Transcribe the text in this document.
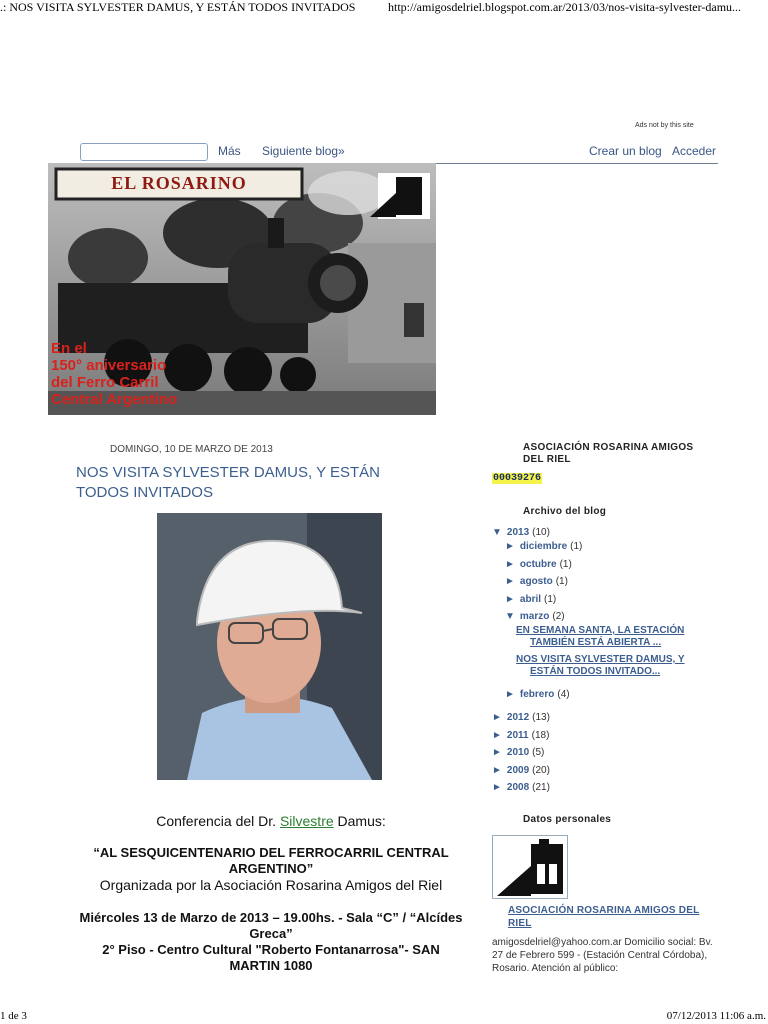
.: NOS VISITA SYLVESTER DAMUS, Y ESTÁN TODOS INVITADOS	http://amigosdelriel.blogspot.com.ar/2013/03/nos-visita-sylvester-damu...
Ads not by this site
Más Siguiente blog»	Crear un blog Acceder
EL ROSARINO
En el
150° aniversario
del Ferro Carril
Central Argentino
DOMINGO, 10 DE MARZO DE 2013
NOS VISITA SYLVESTER DAMUS, Y ESTÁN TODOS INVITADOS
Conferencia del Dr. Silvestre Damus:
“AL SESQUICENTENARIO DEL FERROCARRIL CENTRAL ARGENTINO”
Organizada por la Asociación Rosarina Amigos del Riel
Miércoles 13 de Marzo de 2013 – 19.00hs. - Sala “C” / “Alcídes Greca”
2° Piso - Centro Cultural "Roberto Fontanarrosa"- SAN MARTIN 1080
ASOCIACIÓN ROSARINA AMIGOS DEL RIEL
00039276
Archivo del blog
▼ 2013 (10)
► diciembre (1)
► octubre (1)
► agosto (1)
► abril (1)
▼ marzo (2)
EN SEMANA SANTA, LA ESTACIÓN
TAMBIÉN ESTÁ ABIERTA ...
NOS VISITA SYLVESTER DAMUS, Y
ESTÁN TODOS INVITADO...
► febrero (4)
► 2012 (13)
► 2011 (18)
► 2010 (5)
► 2009 (20)
► 2008 (21)
Datos personales
ASOCIACIÓN ROSARINA AMIGOS DEL RIEL
amigosdelriel@yahoo.com.ar Domicilio social: Bv. 27 de Febrero 599 - (Estación Central Córdoba), Rosario. Atención al público:
1 de 3	07/12/2013 11:06 a.m.
